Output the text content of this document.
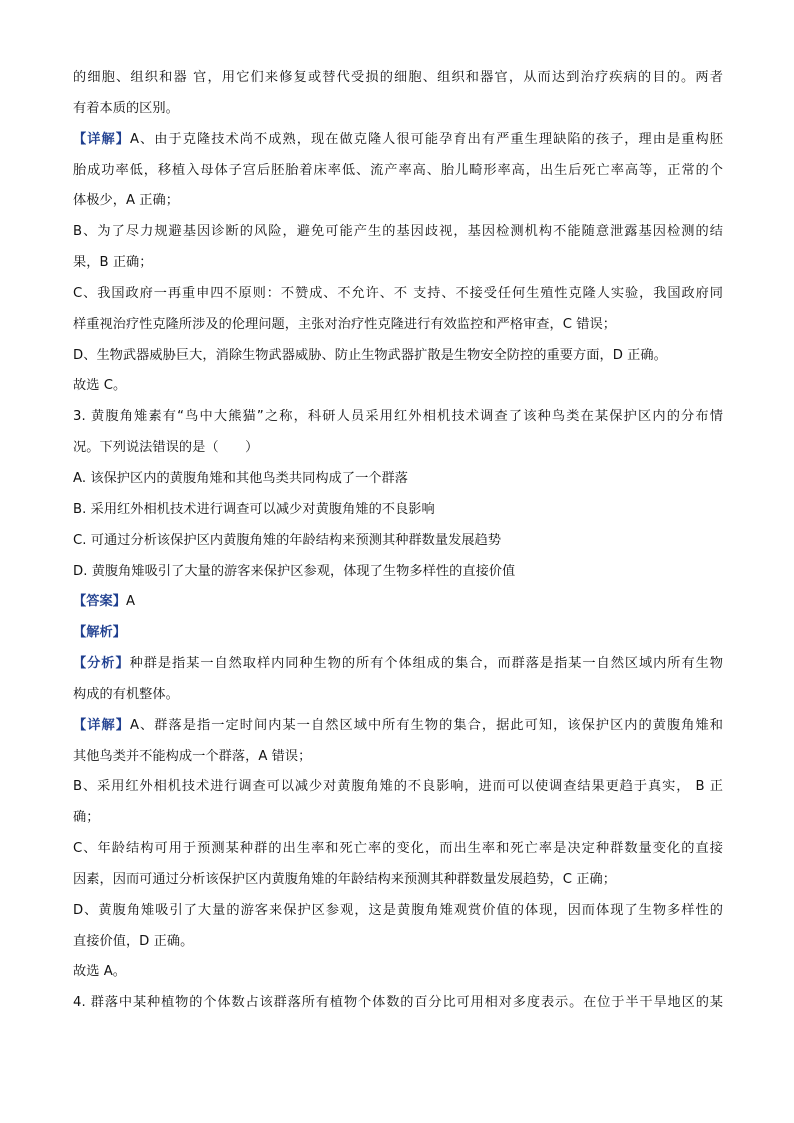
的细胞、组织和器 官，用它们来修复或替代受损的细胞、组织和器官，从而达到治疗疾病的目的。两者
有着本质的区别。
【详解】A、由于克隆技术尚不成熟，现在做克隆人很可能孕育出有严重生理缺陷的孩子，理由是重构胚
胎成功率低，移植入母体子宫后胚胎着床率低、流产率高、胎儿畸形率高，出生后死亡率高等，正常的个
体极少，A 正确；
B、为了尽力规避基因诊断的风险，避免可能产生的基因歧视，基因检测机构不能随意泄露基因检测的结
果，B 正确；
C、我国政府一再重申四不原则：不赞成、不允许、不 支持、不接受任何生殖性克隆人实验，我国政府同
样重视治疗性克隆所涉及的伦理问题，主张对治疗性克隆进行有效监控和严格审查，C 错误；
D、生物武器威胁巨大，消除生物武器威胁、防止生物武器扩散是生物安全防控的重要方面，D 正确。
故选 C。
3. 黄腹角雉素有“鸟中大熊猫”之称，科研人员采用红外相机技术调查了该种鸟类在某保护区内的分布情
况。下列说法错误的是（　　）
A. 该保护区内的黄腹角雉和其他鸟类共同构成了一个群落
B. 采用红外相机技术进行调查可以减少对黄腹角雉的不良影响
C. 可通过分析该保护区内黄腹角雉的年龄结构来预测其种群数量发展趋势
D. 黄腹角雉吸引了大量的游客来保护区参观，体现了生物多样性的直接价值
【答案】A
【解析】
【分析】种群是指某一自然取样内同种生物的所有个体组成的集合，而群落是指某一自然区域内所有生物
构成的有机整体。
【详解】A、群落是指一定时间内某一自然区域中所有生物的集合，据此可知，该保护区内的黄腹角雉和
其他鸟类并不能构成一个群落，A 错误；
B、采用红外相机技术进行调查可以减少对黄腹角雉的不良影响，进而可以使调查结果更趋于真实， B 正
确；
C、年龄结构可用于预测某种群的出生率和死亡率的变化，而出生率和死亡率是决定种群数量变化的直接
因素，因而可通过分析该保护区内黄腹角雉的年龄结构来预测其种群数量发展趋势，C 正确；
D、黄腹角雉吸引了大量的游客来保护区参观，这是黄腹角雉观赏价值的体现，因而体现了生物多样性的
直接价值，D 正确。
故选 A。
4. 群落中某种植物的个体数占该群落所有植物个体数的百分比可用相对多度表示。在位于半干旱地区的某
